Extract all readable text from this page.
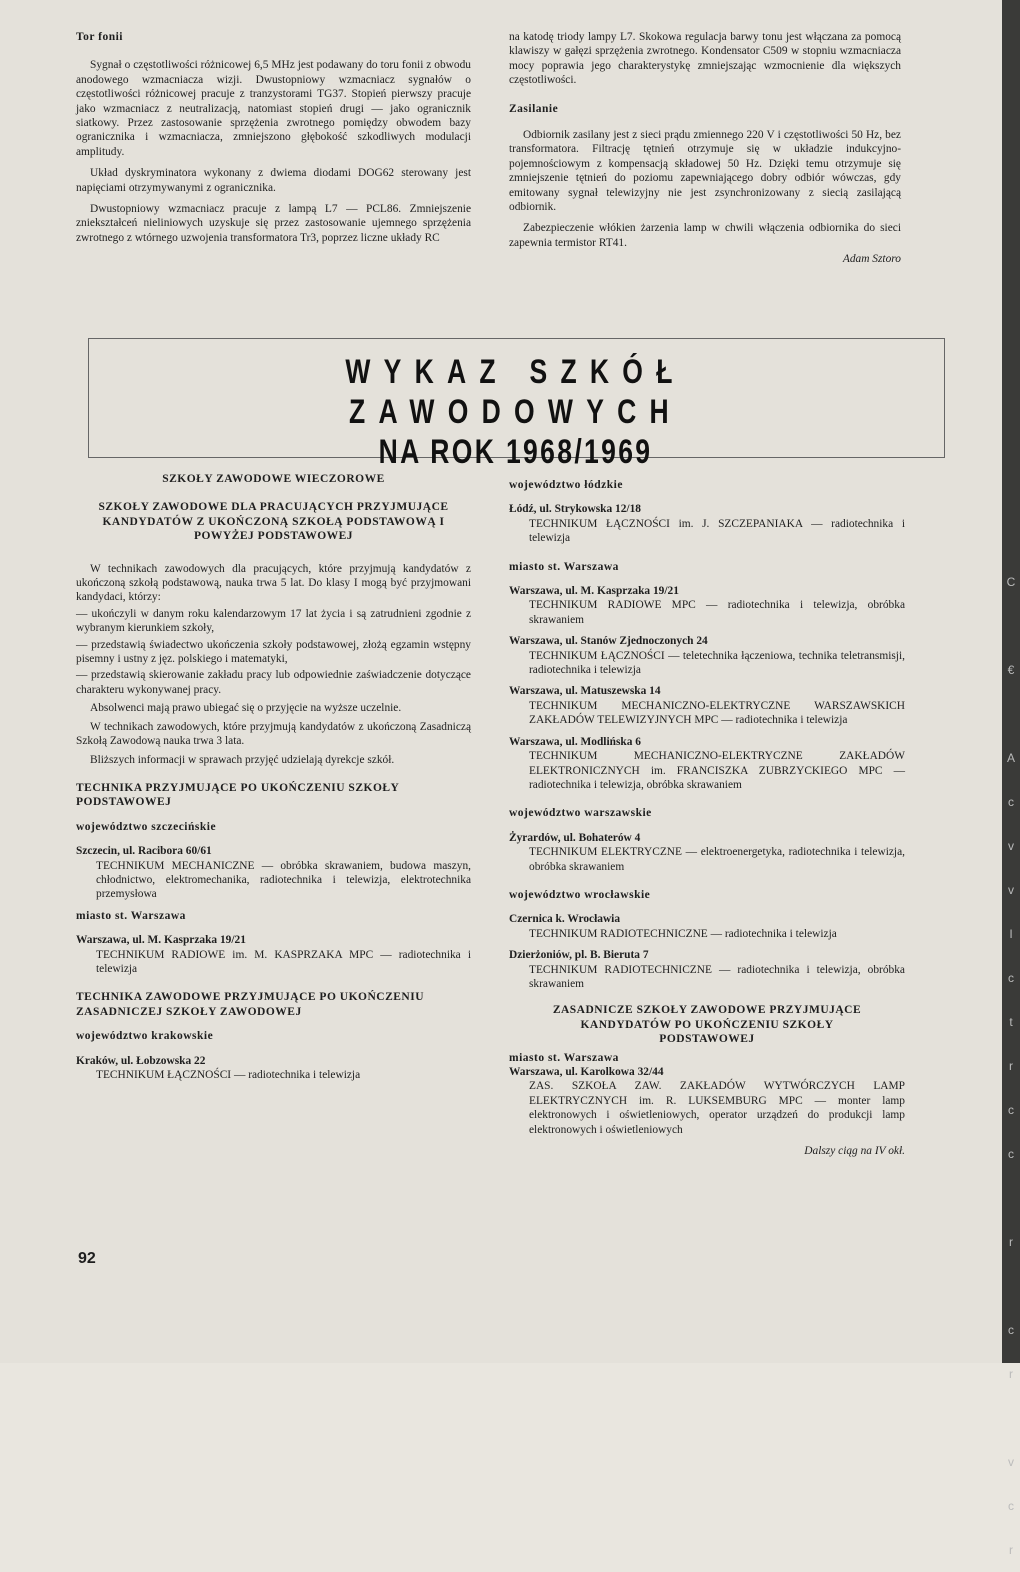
Tor fonii

Sygnał o częstotliwości różnicowej 6,5 MHz jest podawany do toru fonii z obwodu anodowego wzmacniacza wizji. Dwustopniowy wzmacniacz sygnałów o częstotliwości różnicowej pracuje z tranzystorami TG37. Stopień pierwszy pracuje jako wzmacniacz z neutralizacją, natomiast stopień drugi — jako ogranicznik siatkowy. Przez zastosowanie sprzężenia zwrotnego pomiędzy obwodem bazy ogranicznika i wzmacniacza, zmniejszono głębokość szkodliwych modulacji amplitudy.

Układ dyskryminatora wykonany z dwiema diodami DOG62 sterowany jest napięciami otrzymywanymi z ogranicznika.

Dwustopniowy wzmacniacz pracuje z lampą L7 — PCL86. Zmniejszenie zniekształceń nieliniowych uzyskuje się przez zastosowanie ujemnego sprzężenia zwrotnego z wtórnego uzwojenia transformatora Tr3, poprzez liczne układy RC

na katodę triody lampy L7. Skokowa regulacja barwy tonu jest włączana za pomocą klawiszy w gałęzi sprzężenia zwrotnego. Kondensator C509 w stopniu wzmacniacza mocy poprawia jego charakterystykę zmniejszając wzmocnienie dla większych częstotliwości.

Zasilanie

Odbiornik zasilany jest z sieci prądu zmiennego 220 V i częstotliwości 50 Hz, bez transformatora. Filtrację tętnień otrzymuje się w układzie indukcyjno-pojemnościowym z kompensacją składowej 50 Hz. Dzięki temu otrzymuje się zmniejszenie tętnień do poziomu zapewniającego dobry odbiór wówczas, gdy emitowany sygnał telewizyjny nie jest zsynchronizowany z siecią zasilającą odbiornik.

Zabezpieczenie włókien żarzenia lamp w chwili włączenia odbiornika do sieci zapewnia termistor RT41.

Adam Sztoro
WYKAZ SZKÓŁ ZAWODOWYCH
NA ROK 1968/1969
SZKOŁY ZAWODOWE WIECZOROWE
SZKOŁY ZAWODOWE DLA PRACUJĄCYCH PRZYJMUJĄCE KANDYDATÓW Z UKOŃCZONĄ SZKOŁĄ PODSTAWOWĄ I POWYŻEJ PODSTAWOWEJ

W technikach zawodowych dla pracujących, które przyjmują kandydatów z ukończoną szkołą podstawową, nauka trwa 5 lat. Do klasy I mogą być przyjmowani kandydaci, którzy:

— ukończyli w danym roku kalendarzowym 17 lat życia i są zatrudnieni zgodnie z wybranym kierunkiem szkoły,

— przedstawią świadectwo ukończenia szkoły podstawowej, złożą egzamin wstępny pisemny i ustny z jęz. polskiego i matematyki,

— przedstawią skierowanie zakładu pracy lub odpowiednie zaświadczenie dotyczące charakteru wykonywanej pracy.

Absolwenci mają prawo ubiegać się o przyjęcie na wyższe uczelnie.

W technikach zawodowych, które przyjmują kandydatów z ukończoną Zasadniczą Szkołą Zawodową nauka trwa 3 lata.

Bliższych informacji w sprawach przyjęć udzielają dyrekcje szkół.

TECHNIKA PRZYJMUJĄCE PO UKOŃCZENIU SZKOŁY PODSTAWOWEJ
województwo szczecińskie
Szczecin, ul. Racibora 60/61
TECHNIKUM MECHANICZNE — obróbka skrawaniem, budowa maszyn, chłodnictwo, elektromechanika, radiotechnika i telewizja, elektrotechnika przemysłowa
miasto st. Warszawa
Warszawa, ul. M. Kasprzaka 19/21
TECHNIKUM RADIOWE im. M. KASPRZAKA MPC — radiotechnika i telewizja
TECHNIKA ZAWODOWE PRZYJMUJĄCE PO UKOŃCZENIU ZASADNICZEJ SZKOŁY ZAWODOWEJ
województwo krakowskie
Kraków, ul. Łobzowska 22
TECHNIKUM ŁĄCZNOŚCI — radiotechnika i telewizja
województwo łódzkie
Łódź, ul. Strykowska 12/18
TECHNIKUM ŁĄCZNOŚCI im. J. SZCZEPANIAKA — radiotechnika i telewizja
miasto st. Warszawa
Warszawa, ul. M. Kasprzaka 19/21
TECHNIKUM RADIOWE MPC — radiotechnika i telewizja, obróbka skrawaniem
Warszawa, ul. Stanów Zjednoczonych 24
TECHNIKUM ŁĄCZNOŚCI — teletechnika łączeniowa, technika teletransmisji, radiotechnika i telewizja
Warszawa, ul. Matuszewska 14
TECHNIKUM MECHANICZNO-ELEKTRYCZNE WARSZAWSKICH ZAKŁADÓW TELEWIZYJNYCH MPC — radiotechnika i telewizja
Warszawa, ul. Modlińska 6
TECHNIKUM MECHANICZNO-ELEKTRYCZNE ZAKŁADÓW ELEKTRONICZNYCH im. FRANCISZKA ZUBRZYCKIEGO MPC — radiotechnika i telewizja, obróbka skrawaniem
województwo warszawskie
Żyrardów, ul. Bohaterów 4
TECHNIKUM ELEKTRYCZNE — elektroenergetyka, radiotechnika i telewizja, obróbka skrawaniem
województwo wrocławskie
Czernica k. Wrocławia
TECHNIKUM RADIOTECHNICZNE — radiotechnika i telewizja
Dzierżoniów, pl. B. Bieruta 7
TECHNIKUM RADIOTECHNICZNE — radiotechnika i telewizja, obróbka skrawaniem
ZASADNICZE SZKOŁY ZAWODOWE PRZYJMUJĄCE KANDYDATÓW PO UKOŃCZENIU SZKOŁY PODSTAWOWEJ
miasto st. Warszawa
Warszawa, ul. Karolkowa 32/44
ZAS. SZKOŁA ZAW. ZAKŁADÓW WYTWÓRCZYCH LAMP ELEKTRYCZNYCH im. R. LUKSEMBURG MPC — monter lamp elektronowych i oświetleniowych, operator urządzeń do produkcji lamp elektronowych i oświetleniowych
Dalszy ciąg na IV okł.
92
C

€

A
c
v
v
I
c
t
r
c
c

r

c
r

v
c
r
